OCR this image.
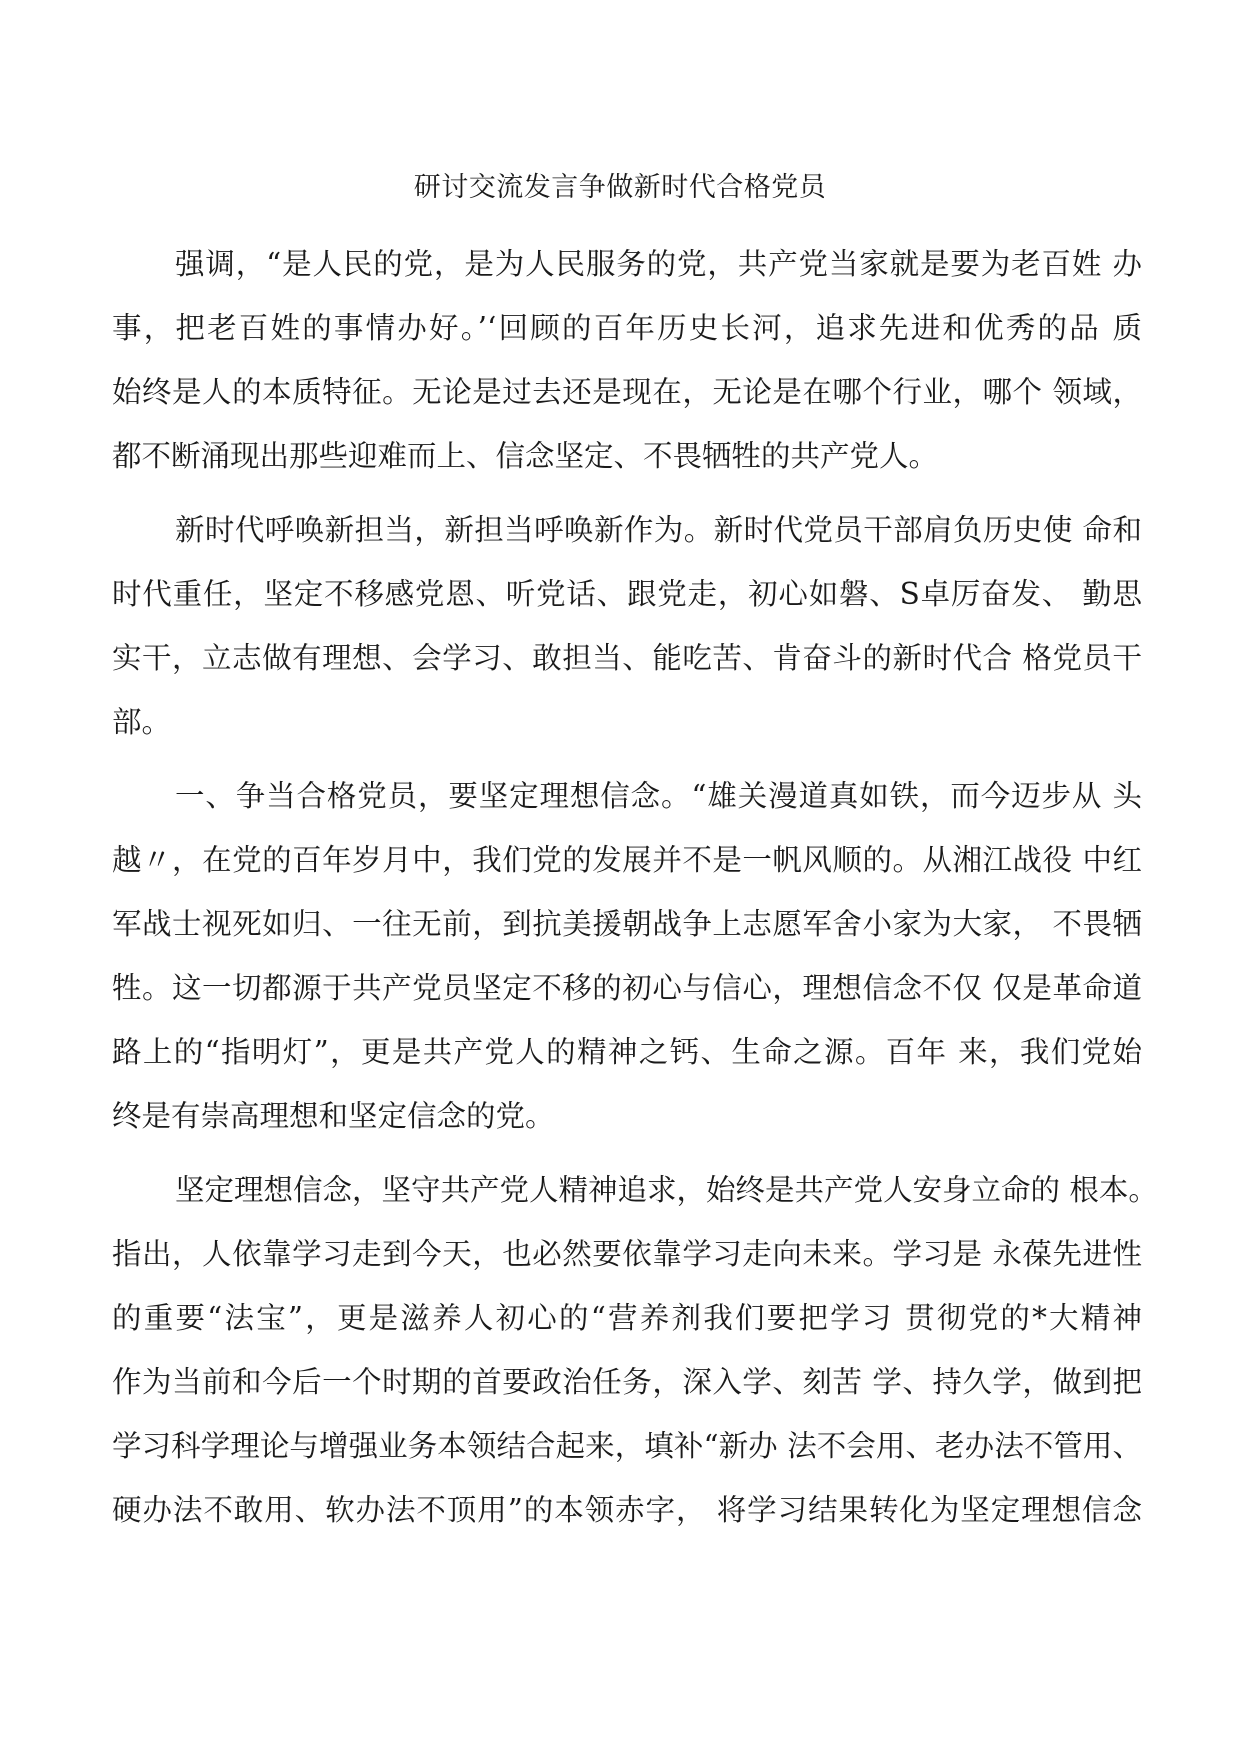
研讨交流发言争做新时代合格党员
强调，“是人民的党，是为人民服务的党，共产党当家就是要为老百姓 办
事，把老百姓的事情办好。’‘回顾的百年历史长河，追求先进和优秀的品 质
始终是人的本质特征。无论是过去还是现在，无论是在哪个行业，哪个 领域，
都不断涌现出那些迎难而上、信念坚定、不畏牺牲的共产党人。
新时代呼唤新担当，新担当呼唤新作为。新时代党员干部肩负历史使 命和
时代重任，坚定不移感党恩、听党话、跟党走，初心如磐、S卓厉奋发、 勤思
实干，立志做有理想、会学习、敢担当、能吃苦、肯奋斗的新时代合 格党员干
部。
一、争当合格党员，要坚定理想信念。“雄关漫道真如铁，而今迈步从 头
越〃，在党的百年岁月中，我们党的发展并不是一帆风顺的。从湘江战役 中红
军战士视死如归、一往无前，到抗美援朝战争上志愿军舍小家为大家， 不畏牺
牲。这一切都源于共产党员坚定不移的初心与信心，理想信念不仅 仅是革命道
路上的“指明灯”，更是共产党人的精神之钙、生命之源。百年 来，我们党始
终是有崇高理想和坚定信念的党。
坚定理想信念，坚守共产党人精神追求，始终是共产党人安身立命的 根本。
指出，人依靠学习走到今天，也必然要依靠学习走向未来。学习是 永葆先进性
的重要“法宝”，更是滋养人初心的“营养剂我们要把学习 贯彻党的*大精神
作为当前和今后一个时期的首要政治任务，深入学、刻苦 学、持久学，做到把
学习科学理论与增强业务本领结合起来，填补“新办 法不会用、老办法不管用、
硬办法不敢用、软办法不顶用”的本领赤字， 将学习结果转化为坚定理想信念
